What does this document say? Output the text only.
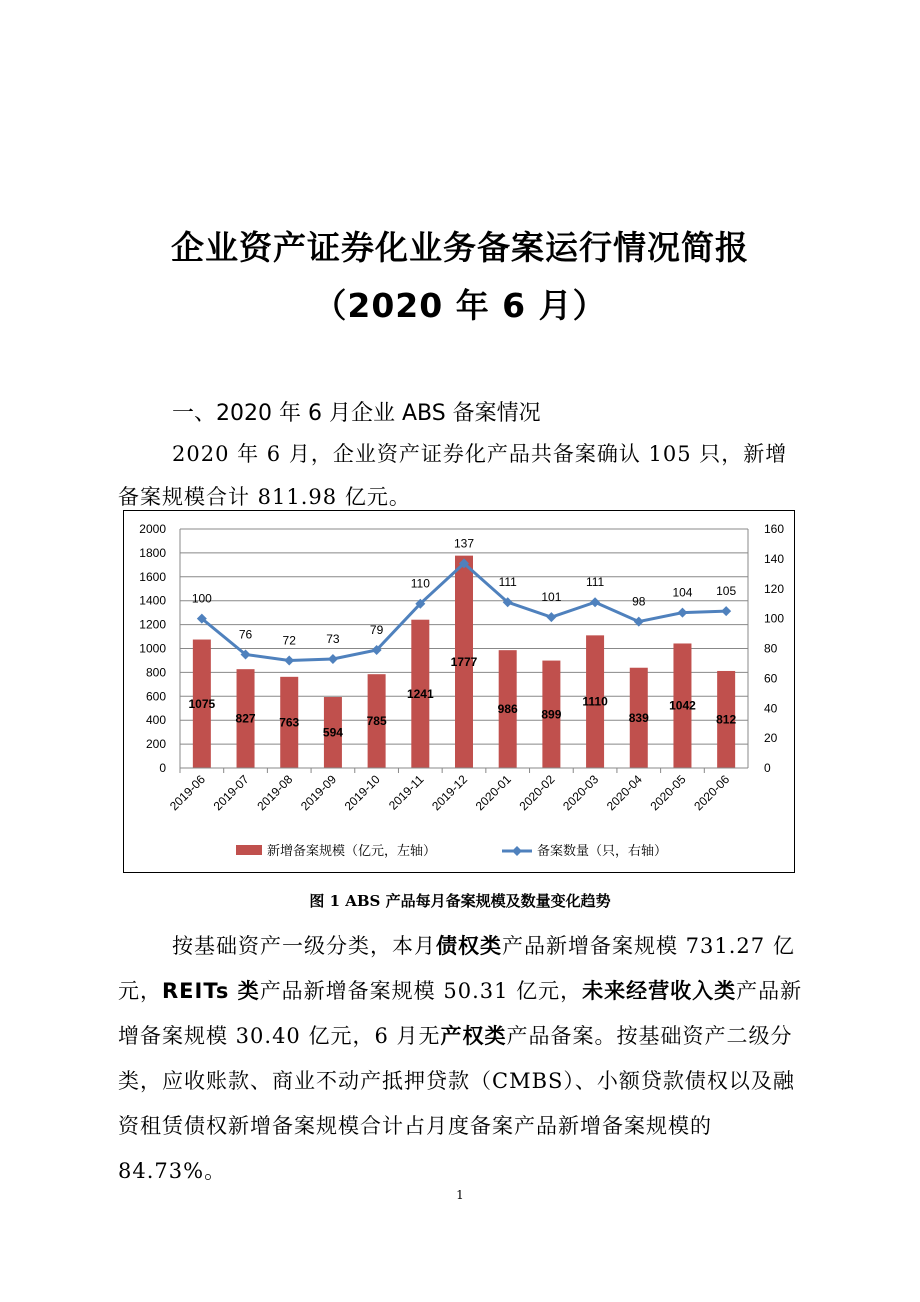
企业资产证券化业务备案运行情况简报
（2020 年 6 月）
一、2020 年 6 月企业 ABS 备案情况
2020 年 6 月，企业资产证券化产品共备案确认 105 只，新增备案规模合计 811.98 亿元。
0
200
400
600
800
1000
1200
1400
1600
1800
2000
0
20
40
60
80
100
120
140
160
1075
827 763
594
785
1241
1777
986 899
1110
839
1042
812
2019-06 2019-07 2019-08 2019-09 2019-10 2019-11 2019-12 2020-01 2020-02 2020-03 2020-04 2020-05 2020-06
100
76	72	73
79
110
137
111
101
111
98
104 105
新增备案规模（亿元，左轴）	备案数量（只，右轴）
图 1 ABS 产品每月备案规模及数量变化趋势
按基础资产一级分类，本月债权类产品新增备案规模 731.27 亿元，REITs 类产品新增备案规模 50.31 亿元，未来经营收入类产品新增备案规模 30.40 亿元，6 月无产权类产品备案。按基础资产二级分类，应收账款、商业不动产抵押贷款（CMBS）、小额贷款债权以及融资租赁债权新增备案规模合计占月度备案产品新增备案规模的 84.73%。
1
